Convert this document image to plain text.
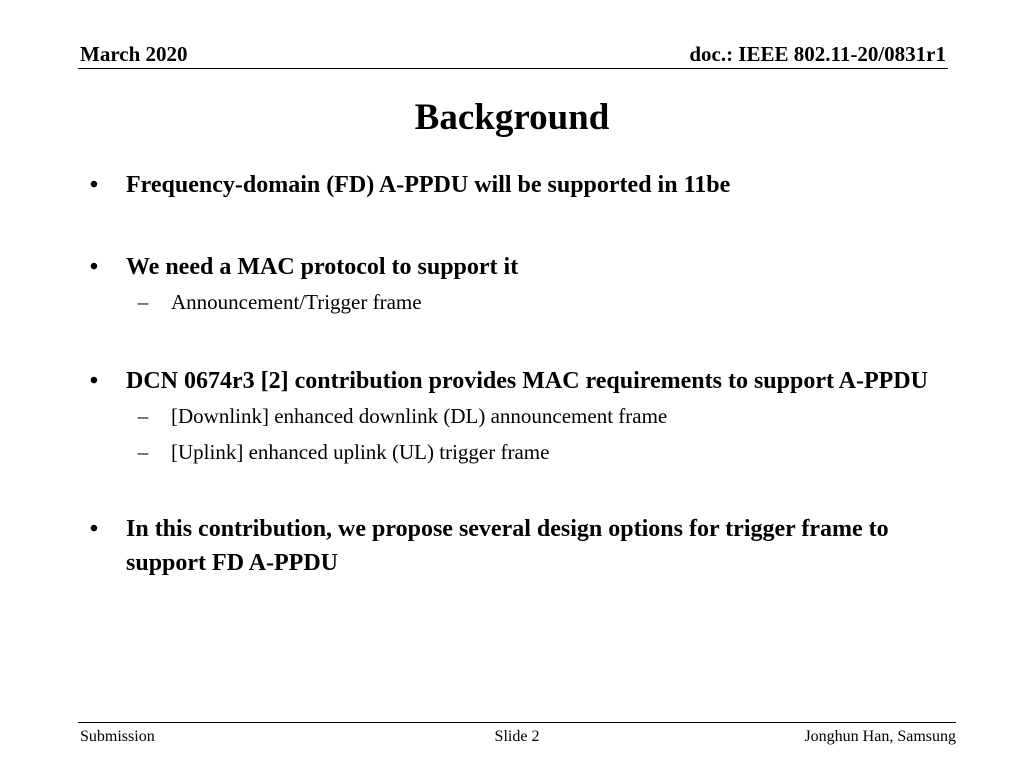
March 2020	doc.: IEEE 802.11-20/0831r1
Background
• Frequency-domain (FD) A-PPDU will be supported in 11be
• We need a MAC protocol to support it
–	Announcement/Trigger frame
• DCN 0674r3 [2] contribution provides MAC requirements to support A-PPDU
–	[Downlink] enhanced downlink (DL) announcement frame
–	[Uplink] enhanced uplink (UL) trigger frame
• In this contribution, we propose several design options for trigger frame to support FD A-PPDU
Submission	Slide 2	Jonghun Han, Samsung
